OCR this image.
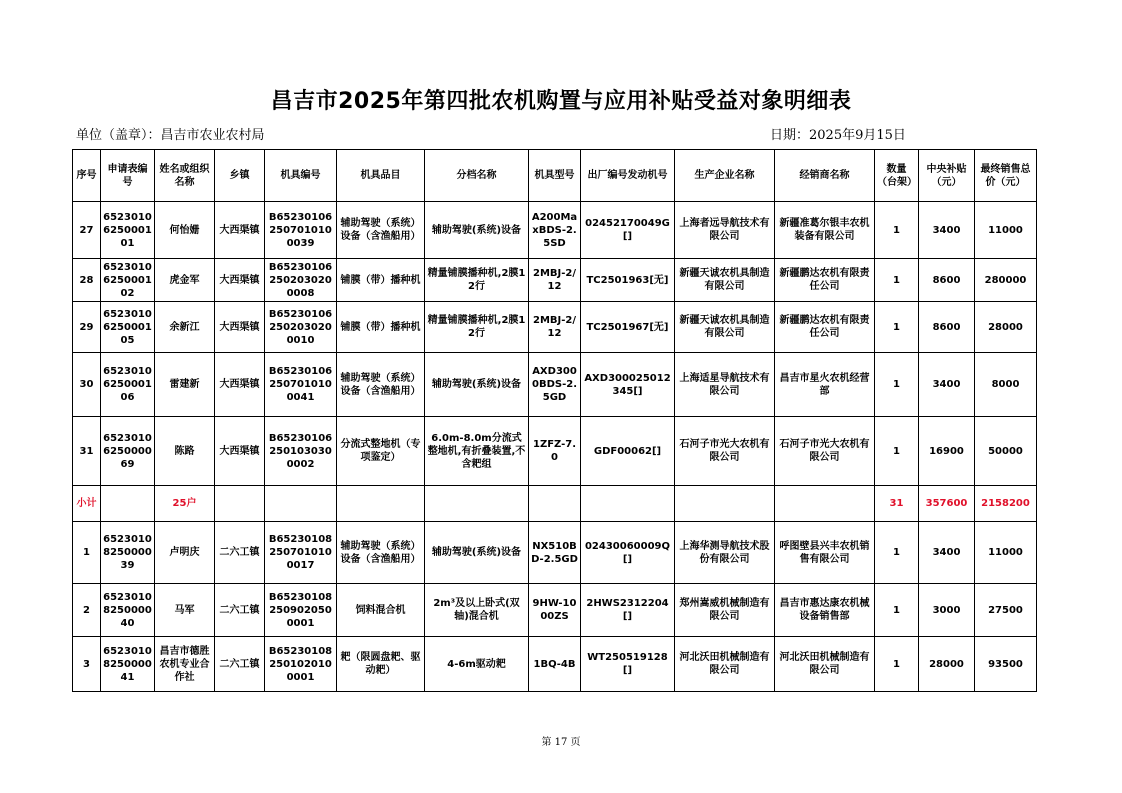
昌吉市2025年第四批农机购置与应用补贴受益对象明细表
单位（盖章）：昌吉市农业农村局	日期：2025年9月15日
序号	申请表编号	姓名或组织名称	乡镇	机具编号	机具品目	分档名称	机具型号	出厂编号发动机号	生产企业名称	经销商名称	数量（台架）	中央补贴（元）	最终销售总价（元）
27	6523010625000101	何怡姗	大西渠镇	B652301062507010100039	辅助驾驶（系统）设备（含渔船用）	辅助驾驶(系统)设备	A200MaxBDS-2.5SD	02452170049G[]	上海者远导航技术有限公司	新疆准葛尔银丰农机装备有限公司	1	3400	11000
28	6523010625000102	虎金军	大西渠镇	B652301062502030200008	铺膜（带）播种机	精量铺膜播种机,2膜12行	2MBJ-2/12	TC2501963[无]	新疆天诚农机具制造有限公司	新疆鹏达农机有限责任公司	1	8600	280000
29	6523010625000105	余新江	大西渠镇	B652301062502030200010	铺膜（带）播种机	精量铺膜播种机,2膜12行	2MBJ-2/12	TC2501967[无]	新疆天诚农机具制造有限公司	新疆鹏达农机有限责任公司	1	8600	28000
30	6523010625000106	雷建新	大西渠镇	B652301062507010100041	辅助驾驶（系统）设备（含渔船用）	辅助驾驶(系统)设备	AXD3000BDS-2.5GD	AXD300025012345[]	上海适星导航技术有限公司	昌吉市星火农机经营部	1	3400	8000
31	6523010625000069	陈路	大西渠镇	B652301062501030300002	分流式整地机（专项鉴定）	6.0m-8.0m分流式整地机,有折叠装置,不含耙组	1ZFZ-7.0	GDF00062[]	石河子市光大农机有限公司	石河子市光大农机有限公司	1	16900	50000
小计		25户									31	357600	2158200
1	6523010825000039	卢明庆	二六工镇	B652301082507010100017	辅助驾驶（系统）设备（含渔船用）	辅助驾驶(系统)设备	NX510BD-2.5GD	02430060009Q[]	上海华测导航技术股份有限公司	呼图壁县兴丰农机销售有限公司	1	3400	11000
2	6523010825000040	马军	二六工镇	B652301082509020500001	饲料混合机	2m³及以上卧式(双轴)混合机	9HW-1000ZS	2HWS2312204[]	郑州嵩威机械制造有限公司	昌吉市惠达康农机械设备销售部	1	3000	27500
3	6523010825000041	昌吉市德胜农机专业合作社	二六工镇	B652301082501020100001	耙（限圆盘耙、驱动耙）	4-6m驱动耙	1BQ-4B	WT250519128[]	河北沃田机械制造有限公司	河北沃田机械制造有限公司	1	28000	93500
第 17 页
